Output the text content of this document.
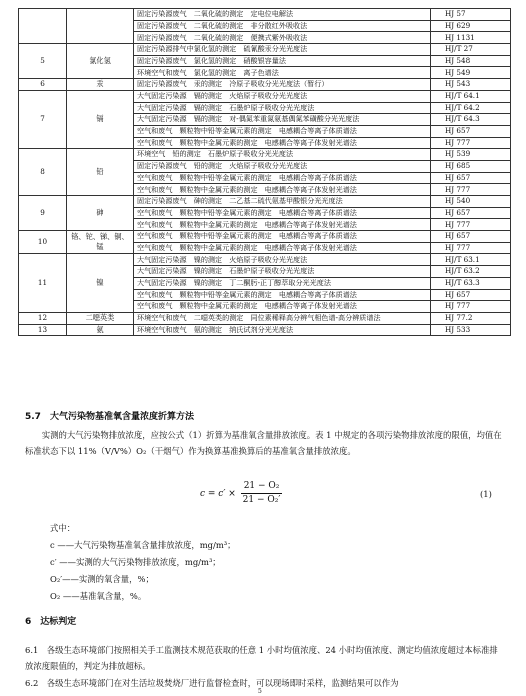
		固定污染源废气　二氧化硫的测定　定电位电解法	HJ 57
		固定污染源废气　二氧化硫的测定　非分散红外吸收法	HJ 629
		固定污染源废气　二氧化硫的测定　便携式紫外吸收法	HJ 1131
5	氯化氢	固定污染源排气中氯化氢的测定　硫氰酸汞分光光度法	HJ/T 27
		固定污染源废气　氯化氢的测定　硝酸银容量法	HJ 548
		环境空气和废气　氯化氢的测定　离子色谱法	HJ 549
6	汞	固定污染源废气　汞的测定　冷原子吸收分光光度法（暂行）	HJ 543
7	镉	大气固定污染源　镉的测定　火焰原子吸收分光光度法	HJ/T 64.1
		大气固定污染源　镉的测定　石墨炉原子吸收分光光度法	HJ/T 64.2
		大气固定污染源　镉的测定　对-偶氮苯重氮氨基偶氮苯磺酸分光光度法	HJ/T 64.3
		空气和废气　颗粒物中铅等金属元素的测定　电感耦合等离子体质谱法	HJ 657
		空气和废气　颗粒物中金属元素的测定　电感耦合等离子体发射光谱法	HJ 777
8	铅	环境空气　铅的测定　石墨炉原子吸收分光光度法	HJ 539
		固定污染源废气　铅的测定　火焰原子吸收分光光度法	HJ 685
		空气和废气　颗粒物中铅等金属元素的测定　电感耦合等离子体质谱法	HJ 657
		空气和废气　颗粒物中金属元素的测定　电感耦合等离子体发射光谱法	HJ 777
9	砷	固定污染源废气　砷的测定　二乙基二硫代氨基甲酸银分光光度法	HJ 540
		空气和废气　颗粒物中铅等金属元素的测定　电感耦合等离子体质谱法	HJ 657
		空气和废气　颗粒物中金属元素的测定　电感耦合等离子体发射光谱法	HJ 777
10	铬、铊、锑、铜、锰	空气和废气　颗粒物中铅等金属元素的测定　电感耦合等离子体质谱法	HJ 657
		空气和废气　颗粒物中金属元素的测定　电感耦合等离子体发射光谱法	HJ 777
11	镍	大气固定污染源　镍的测定　火焰原子吸收分光光度法	HJ/T 63.1
		大气固定污染源　镍的测定　石墨炉原子吸收分光光度法	HJ/T 63.2
		大气固定污染源　镍的测定　丁二酮肟-正丁醇萃取分光光度法	HJ/T 63.3
		空气和废气　颗粒物中铅等金属元素的测定　电感耦合等离子体质谱法	HJ 657
		空气和废气　颗粒物中金属元素的测定　电感耦合等离子体发射光谱法	HJ 777
12	二噁英类	环境空气和废气　二噁英类的测定　同位素稀释高分辨气相色谱-高分辨质谱法	HJ 77.2
13	氨	环境空气和废气　氨的测定　纳氏试剂分光光度法	HJ 533
5.7　大气污染物基准氧含量浓度折算方法
实测的大气污染物排放浓度，应按公式（1）折算为基准氧含量排放浓度。表 1 中规定的各项污染物排放浓度的限值，均值在标准状态下以 11%（V/V%）O₂（干烟气）作为换算基准换算后的基准氧含量排放浓度。
$c = c' \times \frac{\text{21 − O₂}}{\text{21 − O₂′}}$	(1)
式中：
c ——大气污染物基准氧含量排放浓度，mg/m³；
c′ ——实测的大气污染物排放浓度，mg/m³；
O₂′——实测的氧含量，%；
O₂ ——基准氧含量，%。
6　达标判定
6.1　各级生态环境部门按照相关手工监测技术规范获取的任意 1 小时均值浓度、24 小时均值浓度、测定均值浓度超过本标准排放浓度限值的，判定为排放超标。
6.2　各级生态环境部门在对生活垃圾焚烧厂进行监督检查时，可以现场即时采样，监测结果可以作为
5
